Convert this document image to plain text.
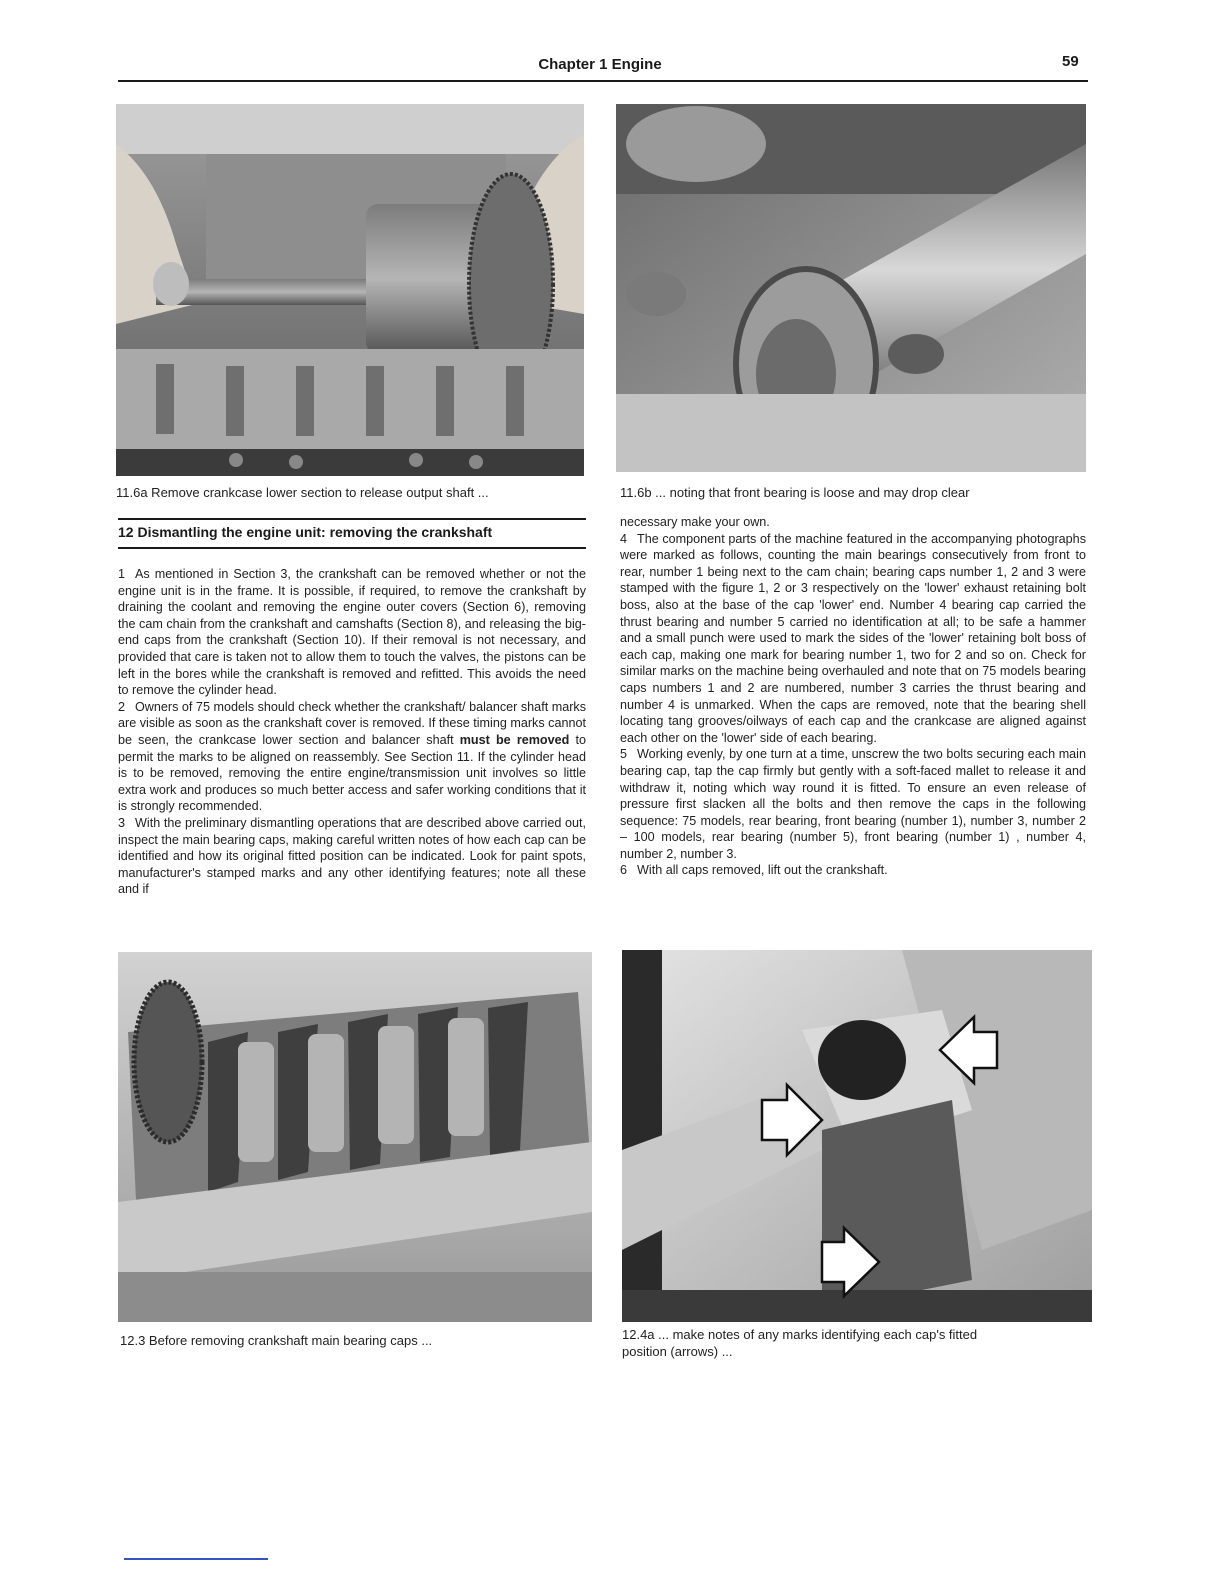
Chapter 1 Engine	59
11.6a Remove crankcase lower section to release output shaft ...	11.6b ... noting that front bearing is loose and may drop clear
12 Dismantling the engine unit: removing the crankshaft

1 As mentioned in Section 3, the crankshaft can be removed whether or not the engine unit is in the frame. It is possible, if required, to remove the crankshaft by draining the coolant and removing the engine outer covers (Section 6), removing the cam chain from the crankshaft and camshafts (Section 8), and releasing the big-end caps from the crankshaft (Section 10). If their removal is not necessary, and provided that care is taken not to allow them to touch the valves, the pistons can be left in the bores while the crankshaft is removed and refitted. This avoids the need to remove the cylinder head.

2 Owners of 75 models should check whether the crankshaft/ balancer shaft marks are visible as soon as the crankshaft cover is removed. If these timing marks cannot be seen, the crankcase lower section and balancer shaft must be removed to permit the marks to be aligned on reassembly. See Section 11. If the cylinder head is to be removed, removing the entire engine/transmission unit involves so little extra work and produces so much better access and safer working conditions that it is strongly recommended.

3 With the preliminary dismantling operations that are described above carried out, inspect the main bearing caps, making careful written notes of how each cap can be identified and how its original fitted position can be indicated. Look for paint spots, manufacturer's stamped marks and any other identifying features; note all these and if

necessary make your own.

4 The component parts of the machine featured in the accompanying photographs were marked as follows, counting the main bearings consecutively from front to rear, number 1 being next to the cam chain; bearing caps number 1, 2 and 3 were stamped with the figure 1, 2 or 3 respectively on the 'lower' exhaust retaining bolt boss, also at the base of the cap 'lower' end. Number 4 bearing cap carried the thrust bearing and number 5 carried no identification at all; to be safe a hammer and a small punch were used to mark the sides of the 'lower' retaining bolt boss of each cap, making one mark for bearing number 1, two for 2 and so on. Check for similar marks on the machine being overhauled and note that on 75 models bearing caps numbers 1 and 2 are numbered, number 3 carries the thrust bearing and number 4 is unmarked. When the caps are removed, note that the bearing shell locating tang grooves/oilways of each cap and the crankcase are aligned against each other on the 'lower' side of each bearing.

5 Working evenly, by one turn at a time, unscrew the two bolts securing each main bearing cap, tap the cap firmly but gently with a soft-faced mallet to release it and withdraw it, noting which way round it is fitted. To ensure an even release of pressure first slacken all the bolts and then remove the caps in the following sequence: 75 models, rear bearing, front bearing (number 1), number 3, number 2 – 100 models, rear bearing (number 5), front bearing (number 1) , number 4, number 2, number 3.

6 With all caps removed, lift out the crankshaft.

12.3 Before removing crankshaft main bearing caps ...	12.4a ... make notes of any marks identifying each cap's fitted
position (arrows) ...
